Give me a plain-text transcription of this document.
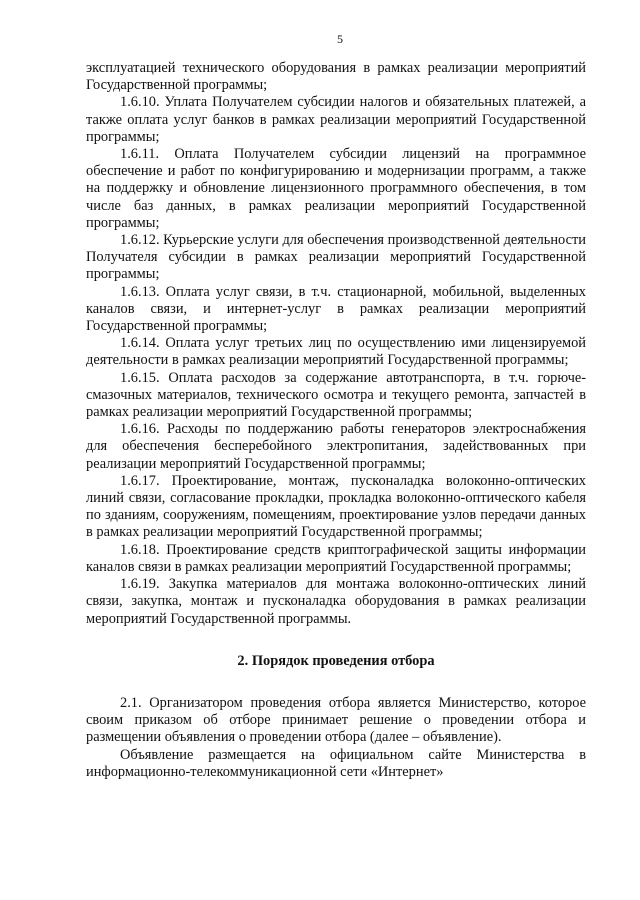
5

эксплуатацией технического оборудования в рамках реализации мероприятий Государственной программы;

1.6.10. Уплата Получателем субсидии налогов и обязательных платежей, а также оплата услуг банков в рамках реализации мероприятий Государственной программы;

1.6.11. Оплата Получателем субсидии лицензий на программное обеспечение и работ по конфигурированию и модернизации программ, а также на поддержку и обновление лицензионного программного обеспечения, в том числе баз данных, в рамках реализации мероприятий Государственной программы;

1.6.12. Курьерские услуги для обеспечения производственной деятельности Получателя субсидии в рамках реализации мероприятий Государственной программы;

1.6.13. Оплата услуг связи, в т.ч. стационарной, мобильной, выделенных каналов связи, и интернет-услуг в рамках реализации мероприятий Государственной программы;

1.6.14. Оплата услуг третьих лиц по осуществлению ими лицензируемой деятельности в рамках реализации мероприятий Государственной программы;

1.6.15. Оплата расходов за содержание автотранспорта, в т.ч. горюче-смазочных материалов, технического осмотра и текущего ремонта, запчастей в рамках реализации мероприятий Государственной программы;

1.6.16. Расходы по поддержанию работы генераторов электроснабжения для обеспечения бесперебойного электропитания, задействованных при реализации мероприятий Государственной программы;

1.6.17. Проектирование, монтаж, пусконаладка волоконно-оптических линий связи, согласование прокладки, прокладка волоконно-оптического кабеля по зданиям, сооружениям, помещениям, проектирование узлов передачи данных в рамках реализации мероприятий Государственной программы;

1.6.18. Проектирование средств криптографической защиты информации каналов связи в рамках реализации мероприятий Государственной программы;

1.6.19. Закупка материалов для монтажа волоконно-оптических линий связи, закупка, монтаж и пусконаладка оборудования в рамках реализации мероприятий Государственной программы.

2. Порядок проведения отбора

2.1. Организатором проведения отбора является Министерство, которое своим приказом об отборе принимает решение о проведении отбора и размещении объявления о проведении отбора (далее – объявление).

Объявление размещается на официальном сайте Министерства в информационно-телекоммуникационной сети «Интернет»
